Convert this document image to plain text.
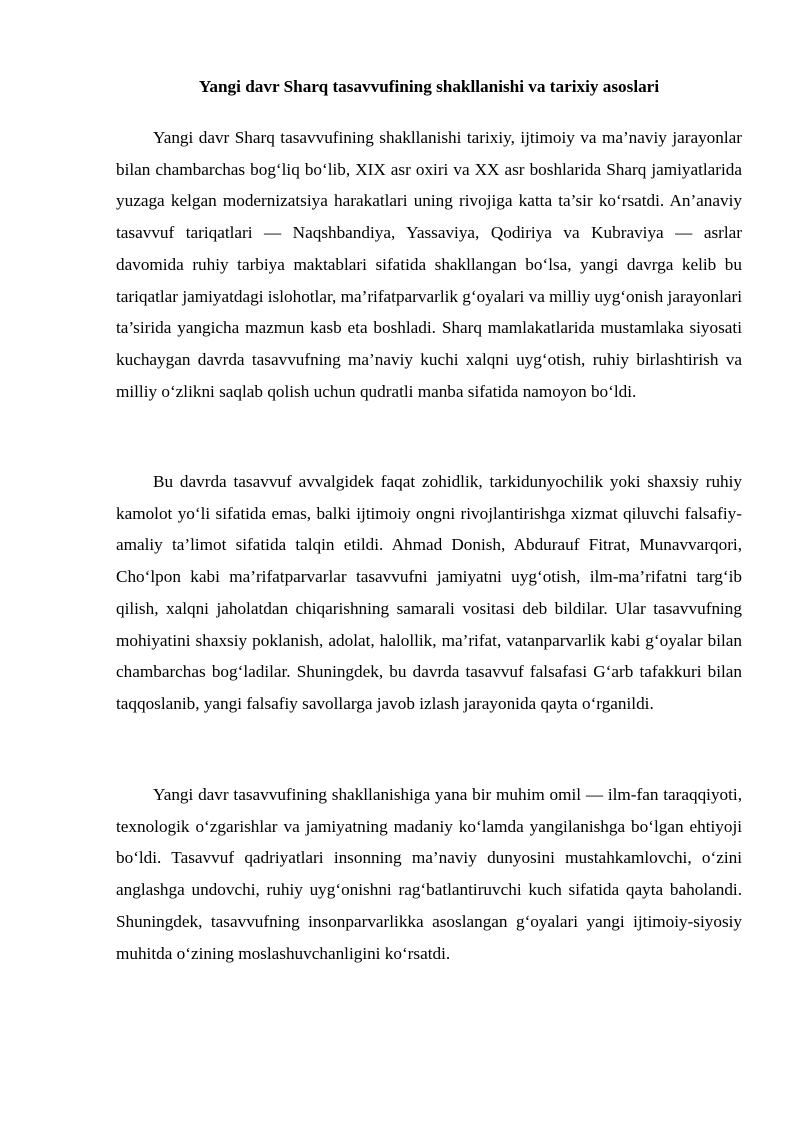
Yangi davr Sharq tasavvufining shakllanishi va tarixiy asoslari

Yangi davr Sharq tasavvufining shakllanishi tarixiy, ijtimoiy va ma’naviy jarayonlar bilan chambarchas bog‘liq bo‘lib, XIX asr oxiri va XX asr boshlarida Sharq jamiyatlarida yuzaga kelgan modernizatsiya harakatlari uning rivojiga katta ta’sir ko‘rsatdi. An’anaviy tasavvuf tariqatlari — Naqshbandiya, Yassaviya, Qodiriya va Kubraviya — asrlar davomida ruhiy tarbiya maktablari sifatida shakllangan bo‘lsa, yangi davrga kelib bu tariqatlar jamiyatdagi islohotlar, ma’rifatparvarlik g‘oyalari va milliy uyg‘onish jarayonlari ta’sirida yangicha mazmun kasb eta boshladi. Sharq mamlakatlarida mustamlaka siyosati kuchaygan davrda tasavvufning ma’naviy kuchi xalqni uyg‘otish, ruhiy birlashtirish va milliy o‘zlikni saqlab qolish uchun qudratli manba sifatida namoyon bo‘ldi.

Bu davrda tasavvuf avvalgidek faqat zohidlik, tarkidunyochilik yoki shaxsiy ruhiy kamolot yo‘li sifatida emas, balki ijtimoiy ongni rivojlantirishga xizmat qiluvchi falsafiy-amaliy ta’limot sifatida talqin etildi. Ahmad Donish, Abdurauf Fitrat, Munavvarqori, Cho‘lpon kabi ma’rifatparvarlar tasavvufni jamiyatni uyg‘otish, ilm-ma’rifatni targ‘ib qilish, xalqni jaholatdan chiqarishning samarali vositasi deb bildilar. Ular tasavvufning mohiyatini shaxsiy poklanish, adolat, halollik, ma’rifat, vatanparvarlik kabi g‘oyalar bilan chambarchas bog‘ladilar. Shuningdek, bu davrda tasavvuf falsafasi G‘arb tafakkuri bilan taqqoslanib, yangi falsafiy savollarga javob izlash jarayonida qayta o‘rganildi.

Yangi davr tasavvufining shakllanishiga yana bir muhim omil — ilm-fan taraqqiyoti, texnologik o‘zgarishlar va jamiyatning madaniy ko‘lamda yangilanishga bo‘lgan ehtiyoji bo‘ldi. Tasavvuf qadriyatlari insonning ma’naviy dunyosini mustahkamlovchi, o‘zini anglashga undovchi, ruhiy uyg‘onishni rag‘batlantiruvchi kuch sifatida qayta baholandi. Shuningdek, tasavvufning insonparvarlikka asoslangan g‘oyalari yangi ijtimoiy-siyosiy muhitda o‘zining moslashuvchanligini ko‘rsatdi.
